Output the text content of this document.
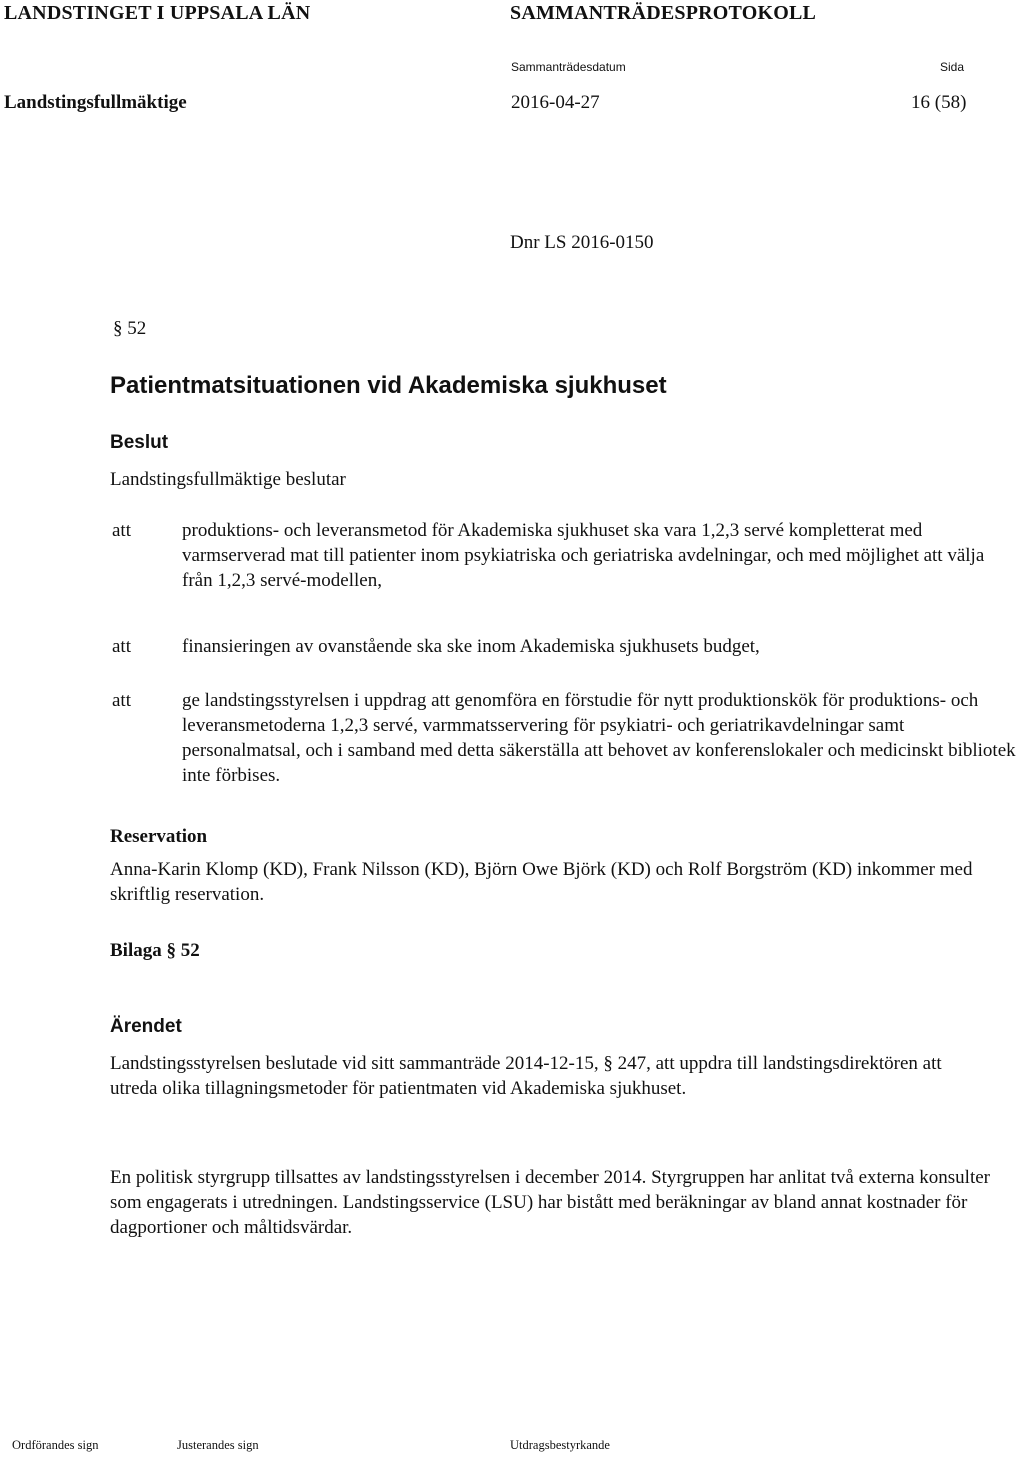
LANDSTINGET I UPPSALA LÄN	SAMMANTRÄDESPROTOKOLL
Sammanträdesdatum	Sida
Landstingsfullmäktige	2016-04-27	16 (58)
Dnr LS 2016-0150
§ 52
Patientmatsituationen vid Akademiska sjukhuset
Beslut
Landstingsfullmäktige beslutar
att	produktions- och leveransmetod för Akademiska sjukhuset ska vara 1,2,3 servé kompletterat med varmserverad mat till patienter inom psykiatriska och geriatriska avdelningar, och med möjlighet att välja från 1,2,3 servé-modellen,
att	finansieringen av ovanstående ska ske inom Akademiska sjukhusets budget,
att	ge landstingsstyrelsen i uppdrag att genomföra en förstudie för nytt produktionskök för produktions- och leveransmetoderna 1,2,3 servé, varmmatsservering för psykiatri- och geriatrikavdelningar samt personalmatsal, och i samband med detta säkerställa att behovet av konferenslokaler och medicinskt bibliotek inte förbises.
Reservation
Anna-Karin Klomp (KD), Frank Nilsson (KD), Björn Owe Björk (KD) och Rolf Borgström (KD) inkommer med skriftlig reservation.
Bilaga § 52
Ärendet
Landstingsstyrelsen beslutade vid sitt sammanträde 2014-12-15, § 247, att uppdra till landstingsdirektören att utreda olika tillagningsmetoder för patientmaten vid Akademiska sjukhuset.
En politisk styrgrupp tillsattes av landstingsstyrelsen i december 2014. Styrgruppen har anlitat två externa konsulter som engagerats i utredningen. Landstingsservice (LSU) har bistått med beräkningar av bland annat kostnader för dagportioner och måltidsvärdar.
Ordförandes sign	Justerandes sign	Utdragsbestyrkande
